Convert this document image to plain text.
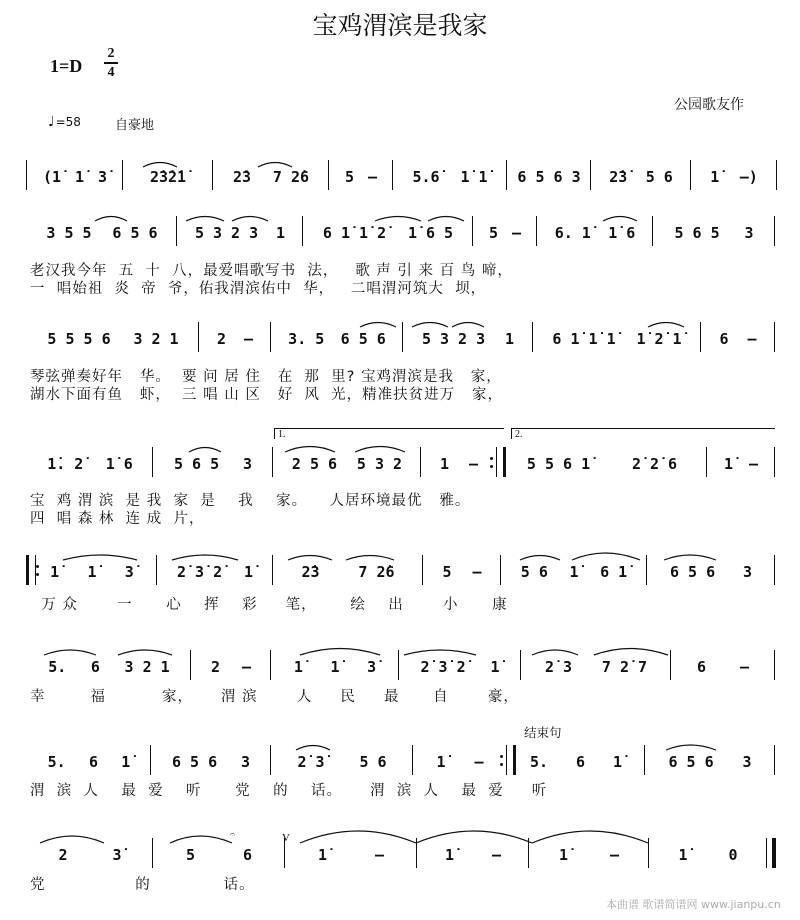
宝鸡渭滨是我家
1=D
2
4
♩=58	自豪地
公园歌友作
(1̇ 1̇ 3̇	2̇3̇2̇1̇	2̇3 7 2̇6 5 – 5.6̇ 1̇ 1̇ 6 5 6 3 2̇3̇ 5 6 1̇ –)
3 5 5 6 5 6 5 3 2 3 1	6 1̇ 1̇ 2̇ 1̇ 6 5 5 – 6. 1̇ 1̇ 6	5 6 5 3
5 5 5 6 3 2 1	2 – 3. 5 6 5 6 5 3 2 3 1	6 1̇ 1̇ 1̇ 1̇ 2̇ 1̇	6 –
1̇. 2̇ 1̇ 6	5 6 5 3	2 5 6 5 3 2	1 –	5 5 6 1̇	2̇ 2̇ 6	1̇ –
1̇ 1̇ 3̇	2̇ 3̇ 2̇ 1̇	2̇3	7 2̇6	5 –	5 6 1̇ 6 1̇	6 5 6 3
5. 6 3 2 1	2 –	1̇ 1̇ 3̇	2̇ 3̇ 2̇ 1̇	2̇ 3 7 2̇ 7	6 –
5. 6 1̇	6 5 6 3	2̇ 3̇ 5 6	1̇ –	5. 6 1̇	6 5 6 3
2	3̇	5	6	1̇	–	1̇	–	1̇	–	1̇	0
老汉我今年  五  十  八，最爱唱歌写书  法，   歌 声 引 来 百 鸟 啼，
一  唱始祖  炎  帝  爷，佑我渭滨佑中  华，   二唱渭河筑大  坝，
琴弦弹奏好年   华。  要 问 居 住   在  那  里? 宝鸡渭滨是我   家，
湖水下面有鱼   虾，  三 唱 山 区   好  风  光，精准扶贫进万   家，
宝  鸡 渭 滨  是 我  家  是    我    家。    人居环境最优   雅。
四  唱 森 林  连 成  片，
万 众       一      心    挥    彩     笔，      绘    出       小      康
幸        福          家，     渭 滨       人     民     最      自       豪，
渭  滨  人    最  爱    听      党    的    话。     渭  滨  人    最  爱     听
党                的             话。
1.	2.
结束句
V
𝄐
本曲谱 歌谱简谱网 www.jianpu.cn
